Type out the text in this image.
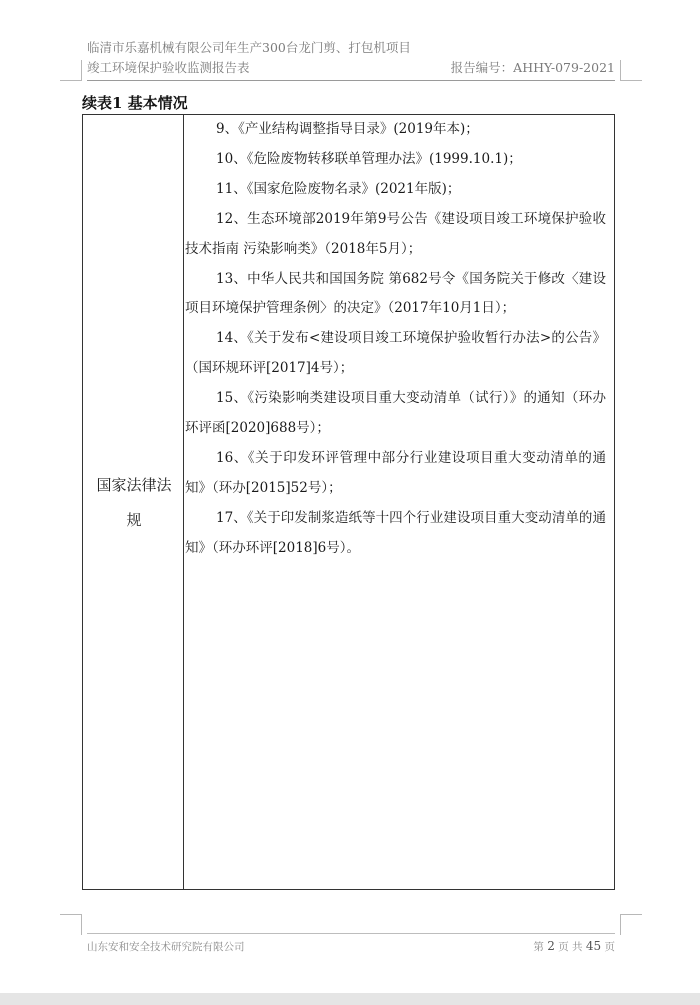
临清市乐嘉机械有限公司年生产300台龙门剪、打包机项目
竣工环境保护验收监测报告表	报告编号：AHHY-079-2021
续表1 基本情况
国家法律法规
9、《产业结构调整指导目录》(2019年本)；
10、《危险废物转移联单管理办法》(1999.10.1)；
11、《国家危险废物名录》(2021年版)；
12、生态环境部2019年第9号公告《建设项目竣工环境保护验收技术指南 污染影响类》（2018年5月）；
13、中华人民共和国国务院 第682号令《国务院关于修改〈建设项目环境保护管理条例〉的决定》（2017年10月1日）；
14、《关于发布<建设项目竣工环境保护验收暂行办法>的公告》（国环规环评[2017]4号）；
15、《污染影响类建设项目重大变动清单（试行）》的通知（环办环评函[2020]688号）；
16、《关于印发环评管理中部分行业建设项目重大变动清单的通知》（环办[2015]52号）；
17、《关于印发制浆造纸等十四个行业建设项目重大变动清单的通知》（环办环评[2018]6号）。
山东安和安全技术研究院有限公司	第 2 页 共 45 页
